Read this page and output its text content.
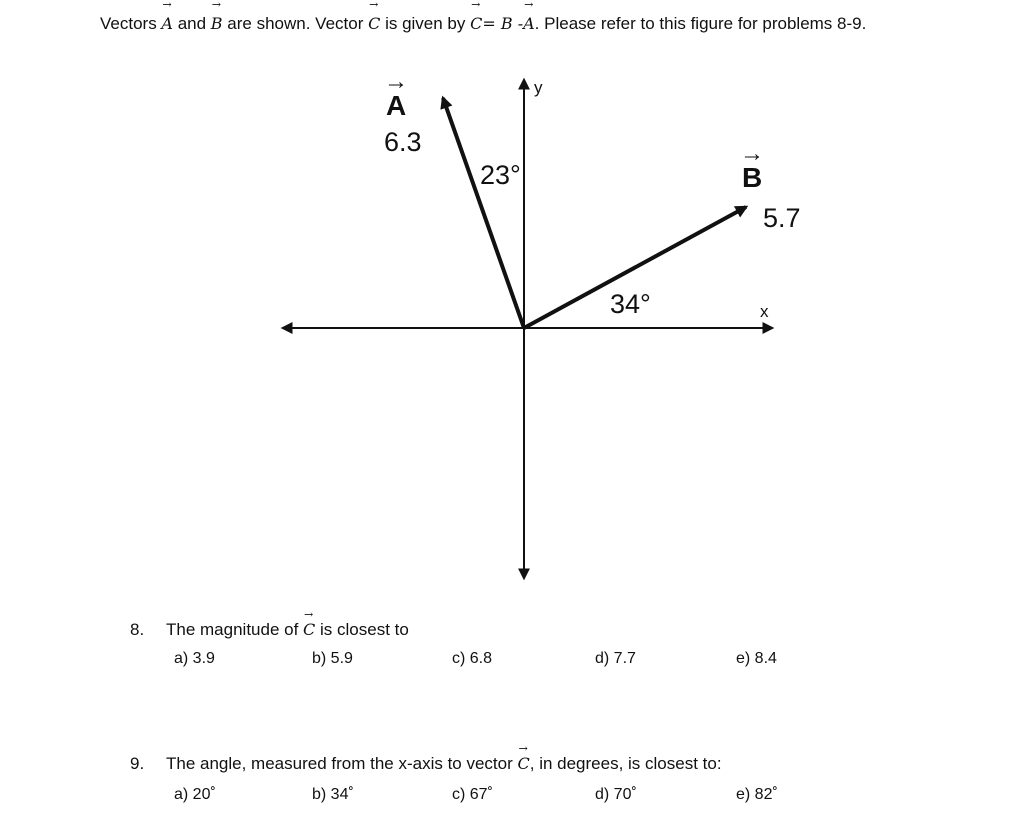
Vectors
→
A and
→
B are shown. Vector
→
C is given by
→
C= B -
→
A. Please refer to this figure for problems 8-9.
→
A
6.3
23°
→
B
5.7
34°	x
y
8. The magnitude of
→
C is closest to
a) 3.9	b) 5.9	c) 6.8	d) 7.7	e) 8.4
9. The angle, measured from the x-axis to vector
→
C, in degrees, is closest to:
a) 20˚	b) 34˚	c) 67˚	d) 70˚	e) 82˚
